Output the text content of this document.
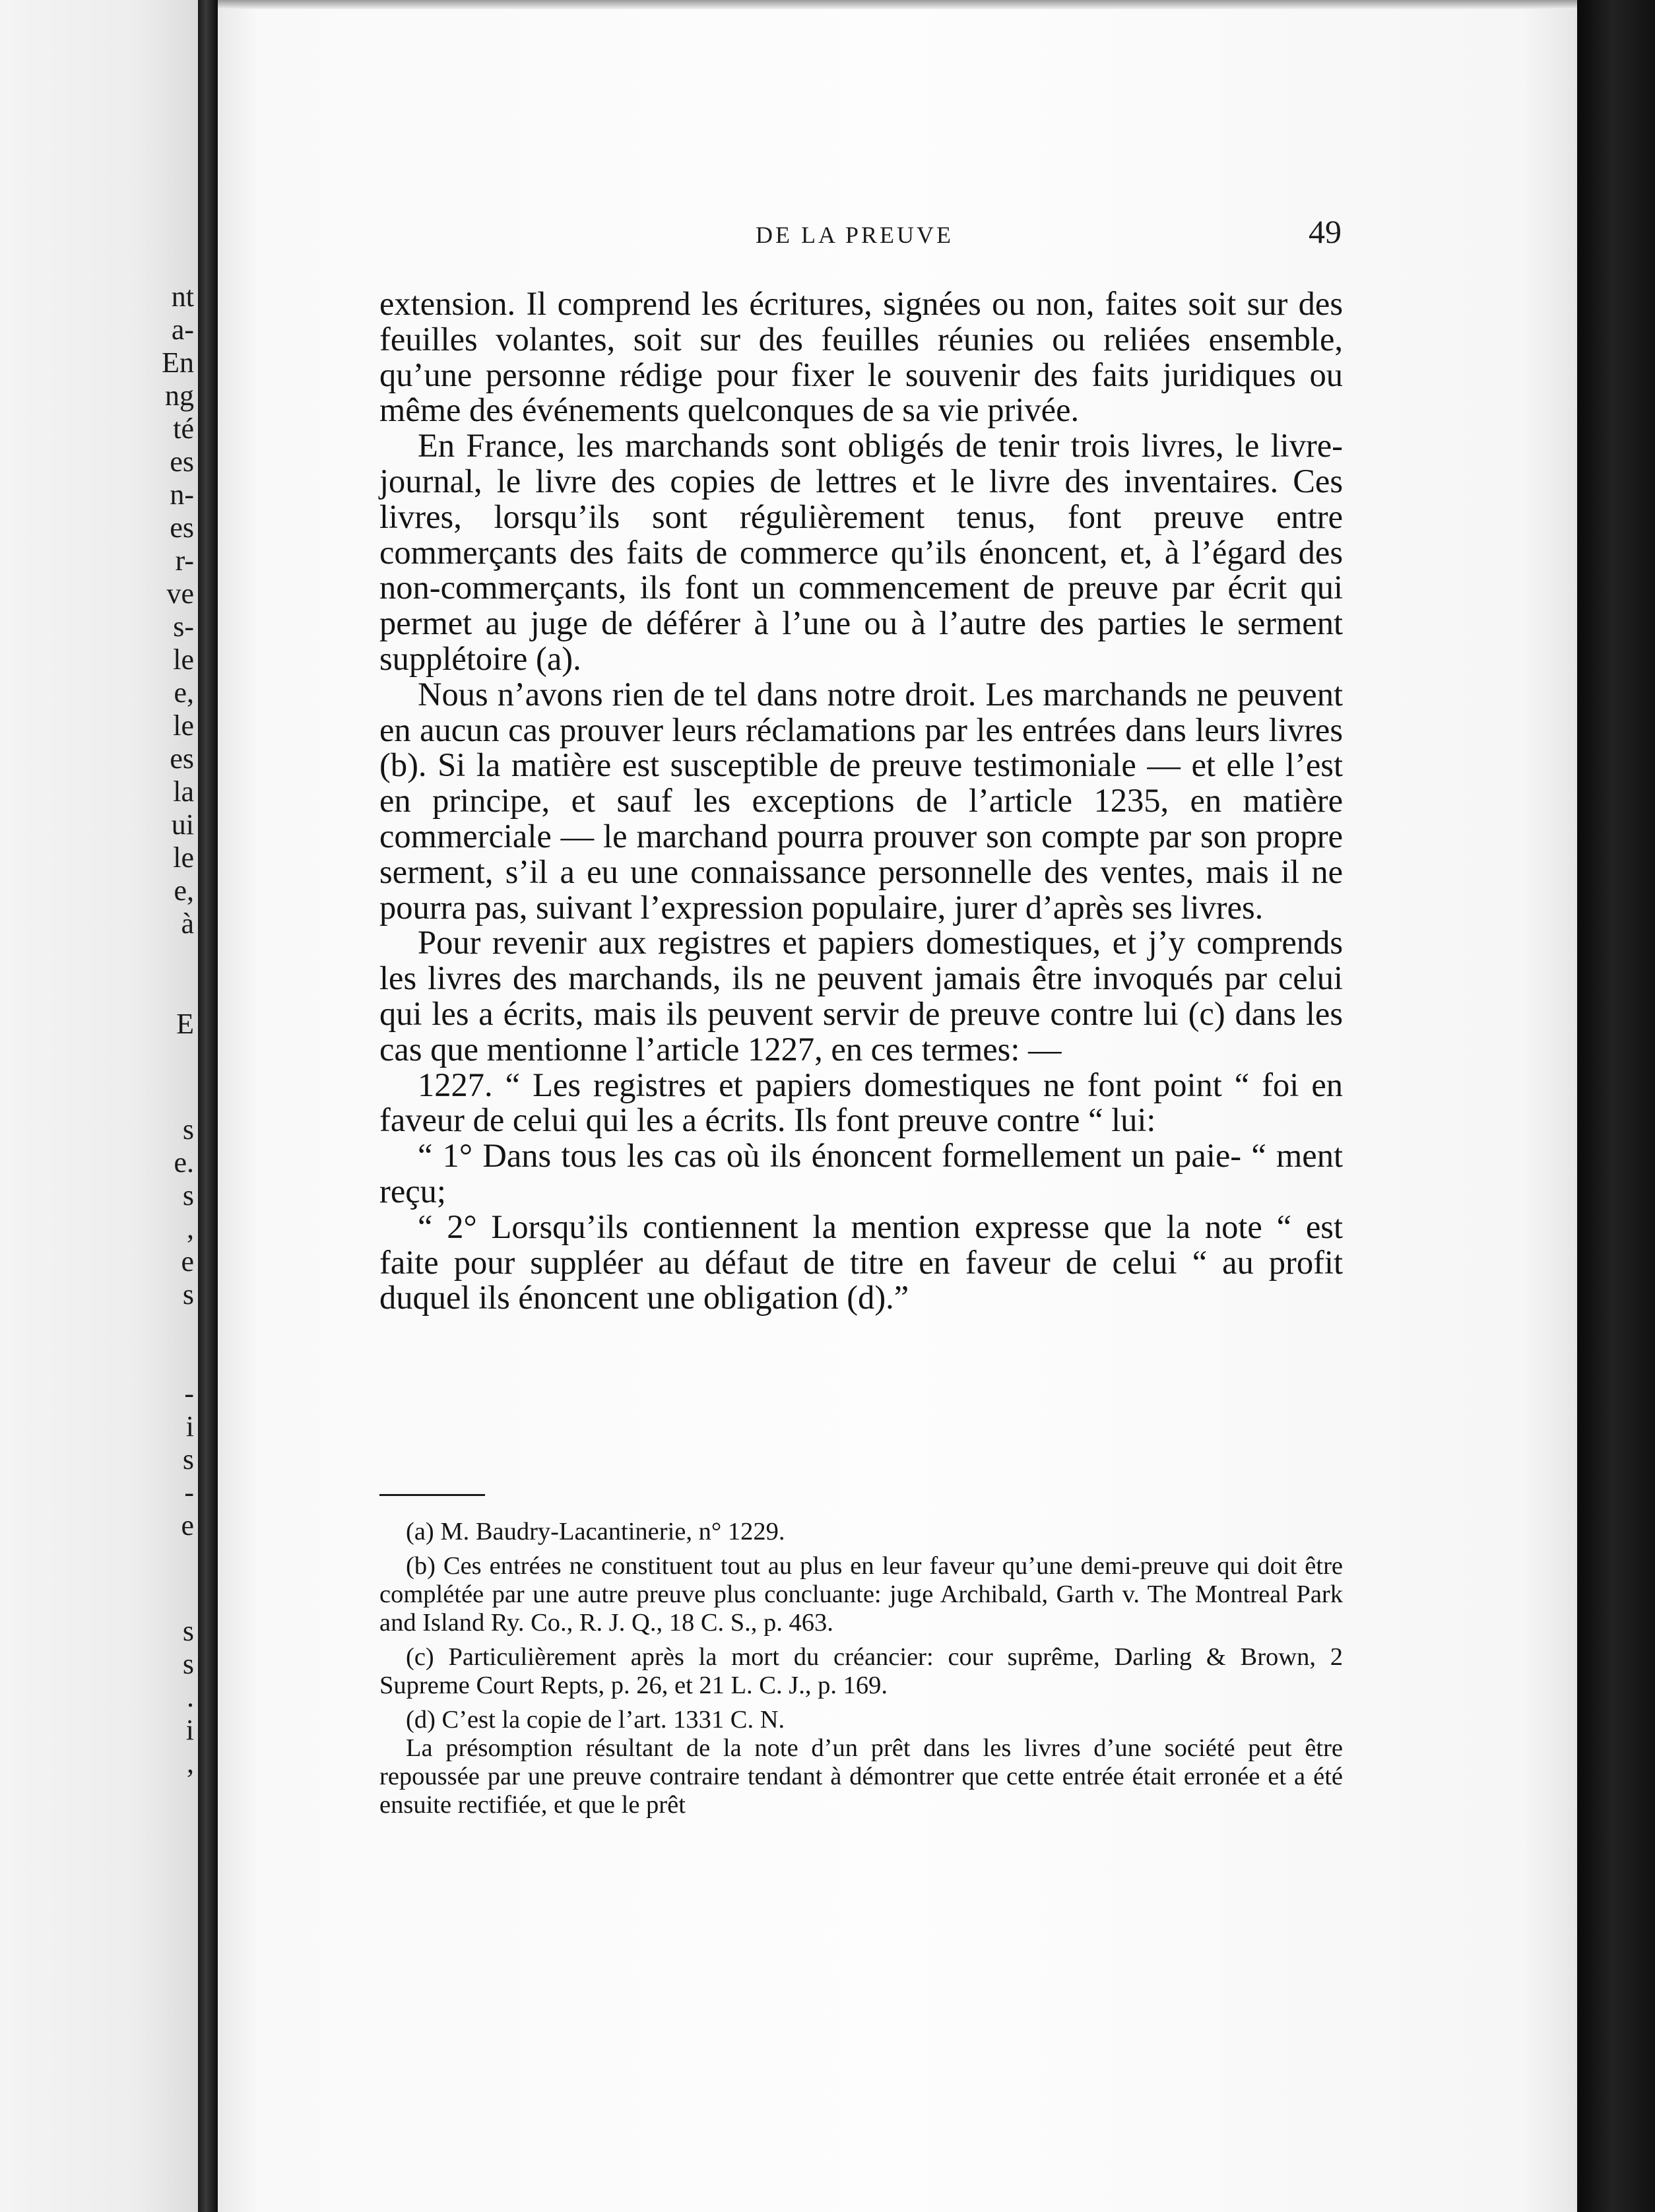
nt
a-
En
ng
té
es
n-
es
r-
ve
s-
le
e,
le
es
la
ui
le
e,
à
E
s
e.
s
,
e
s
-
i
s
-
e
s
s
.
i
,
DE LA PREUVE	49

extension. Il comprend les écritures, signées ou non, faites soit sur des feuilles volantes, soit sur des feuilles réunies ou reliées ensemble, qu’une personne rédige pour fixer le souvenir des faits juridiques ou même des événements quelconques de sa vie privée.

En France, les marchands sont obligés de tenir trois livres, le livre-journal, le livre des copies de lettres et le livre des inventaires. Ces livres, lorsqu’ils sont régulièrement tenus, font preuve entre commerçants des faits de commerce qu’ils énoncent, et, à l’égard des non-commerçants, ils font un commencement de preuve par écrit qui permet au juge de déférer à l’une ou à l’autre des parties le serment supplétoire (a).

Nous n’avons rien de tel dans notre droit. Les marchands ne peuvent en aucun cas prouver leurs réclamations par les entrées dans leurs livres (b). Si la matière est susceptible de preuve testimoniale — et elle l’est en principe, et sauf les exceptions de l’article 1235, en matière commerciale — le marchand pourra prouver son compte par son propre serment, s’il a eu une connaissance personnelle des ventes, mais il ne pourra pas, suivant l’expression populaire, jurer d’après ses livres.

Pour revenir aux registres et papiers domestiques, et j’y comprends les livres des marchands, ils ne peuvent jamais être invoqués par celui qui les a écrits, mais ils peuvent servir de preuve contre lui (c) dans les cas que mentionne l’article 1227, en ces termes: —

1227. “ Les registres et papiers domestiques ne font point “ foi en faveur de celui qui les a écrits. Ils font preuve contre “ lui:

“ 1° Dans tous les cas où ils énoncent formellement un paie- “ ment reçu;

“ 2° Lorsqu’ils contiennent la mention expresse que la note “ est faite pour suppléer au défaut de titre en faveur de celui “ au profit duquel ils énoncent une obligation (d).”

(a) M. Baudry-Lacantinerie, n° 1229.

(b) Ces entrées ne constituent tout au plus en leur faveur qu’une demi-preuve qui doit être complétée par une autre preuve plus concluante: juge Archibald, Garth v. The Montreal Park and Island Ry. Co., R. J. Q., 18 C. S., p. 463.

(c) Particulièrement après la mort du créancier: cour suprême, Darling & Brown, 2 Supreme Court Repts, p. 26, et 21 L. C. J., p. 169.

(d) C’est la copie de l’art. 1331 C. N.

La présomption résultant de la note d’un prêt dans les livres d’une société peut être repoussée par une preuve contraire tendant à démontrer que cette entrée était erronée et a été ensuite rectifiée, et que le prêt
